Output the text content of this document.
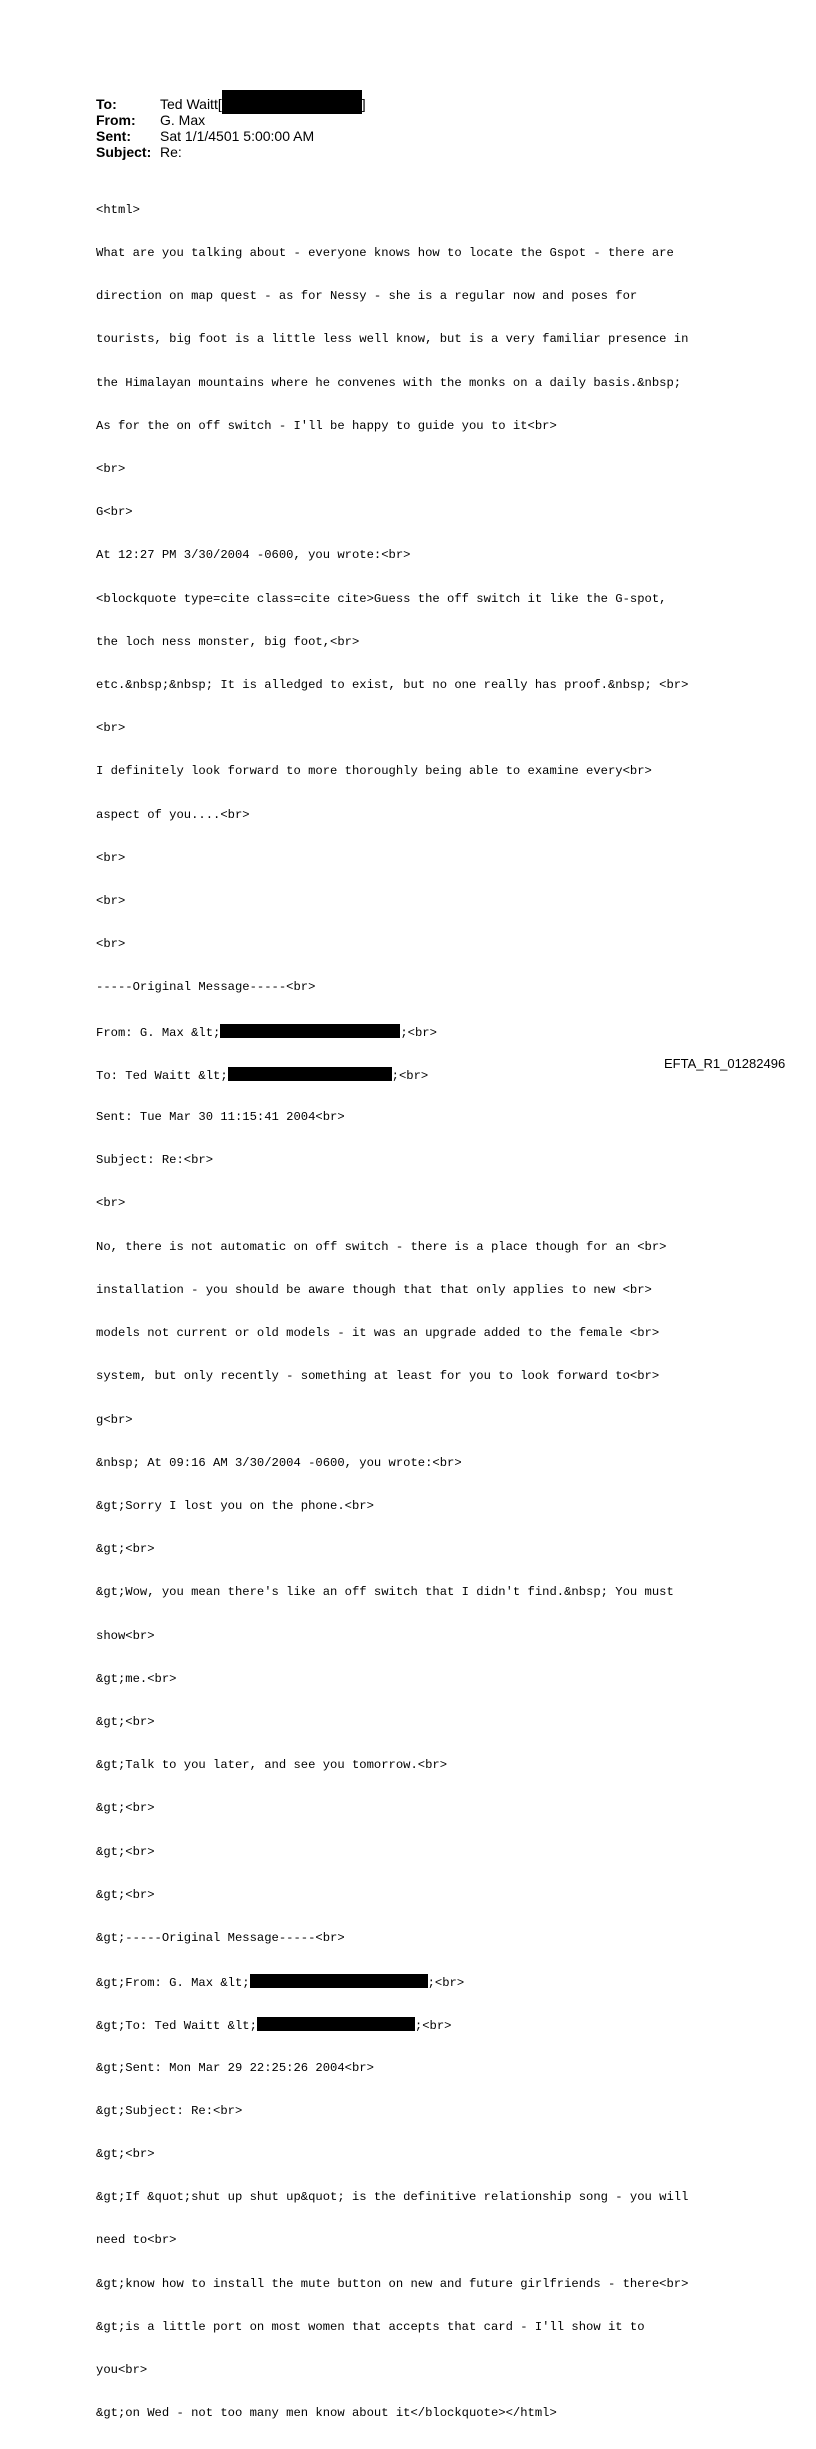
To:	Ted Waitt[	]
From:	G. Max
Sent:	Sat 1/1/4501 5:00:00 AM
Subject: Re:

<html>

What are you talking about - everyone knows how to locate the Gspot - there are

direction on map quest - as for Nessy - she is a regular now and poses for

tourists, big foot is a little less well know, but is a very familiar presence in

the Himalayan mountains where he convenes with the monks on a daily basis.&nbsp;

As for the on off switch - I'll be happy to guide you to it<br>

<br>

G<br>

At 12:27 PM 3/30/2004 -0600, you wrote:<br>

<blockquote type=cite class=cite cite>Guess the off switch it like the G-spot,

the loch ness monster, big foot,<br>

etc.&nbsp;&nbsp; It is alledged to exist, but no one really has proof.&nbsp; <br>

<br>

I definitely look forward to more thoroughly being able to examine every<br>

aspect of you....<br>

<br>

<br>

<br>

-----Original Message-----<br>

From: G. Max &lt;	;<br>

To: Ted Waitt &lt;	;<br>

Sent: Tue Mar 30 11:15:41 2004<br>

Subject: Re:<br>

<br>

No, there is not automatic on off switch - there is a place though for an <br>

installation - you should be aware though that that only applies to new <br>

models not current or old models - it was an upgrade added to the female <br>

system, but only recently - something at least for you to look forward to<br>

g<br>

&nbsp; At 09:16 AM 3/30/2004 -0600, you wrote:<br>

&gt;Sorry I lost you on the phone.<br>

&gt;<br>

&gt;Wow, you mean there's like an off switch that I didn't find.&nbsp; You must

show<br>

&gt;me.<br>

&gt;<br>

&gt;Talk to you later, and see you tomorrow.<br>

&gt;<br>

&gt;<br>

&gt;<br>

&gt;-----Original Message-----<br>

&gt;From: G. Max &lt;	;<br>

&gt;To: Ted Waitt &lt;	;<br>

&gt;Sent: Mon Mar 29 22:25:26 2004<br>

&gt;Subject: Re:<br>

&gt;<br>

&gt;If &quot;shut up shut up&quot; is the definitive relationship song - you will

need to<br>

&gt;know how to install the mute button on new and future girlfriends - there<br>

&gt;is a little port on most women that accepts that card - I'll show it to

you<br>

&gt;on Wed - not too many men know about it</blockquote></html>

EFTA_R1_01282496
